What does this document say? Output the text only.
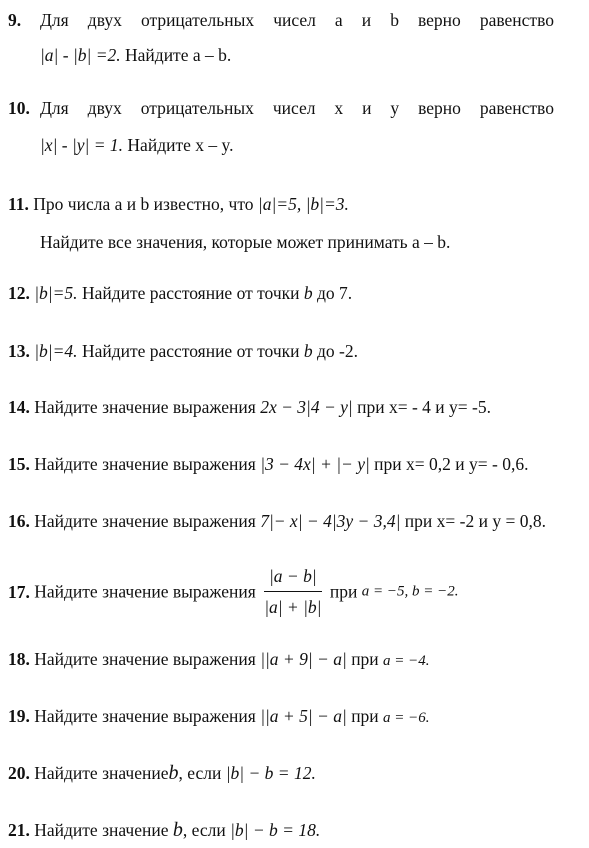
9. Для двух отрицательных чисел a и b верно равенство
|a| - |b| =2. Найдите a – b.
10. Для двух отрицательных чисел x и y верно равенство
|x| - |y| = 1. Найдите x – y.
11. Про числа a и b известно, что |a|=5, |b|=3.
Найдите все значения, которые может принимать a – b.
12. |b|=5. Найдите расстояние от точки b до 7.
13. |b|=4. Найдите расстояние от точки b до -2.
14. Найдите значение выражения 2x − 3|4 − y| при x= - 4 и y= -5.
15. Найдите значение выражения |3 − 4x| + |− y| при x= 0,2 и y= - 0,6.
16. Найдите значение выражения 7|− x| − 4|3y − 3,4| при x= -2 и y = 0,8.
17. Найдите значение выражения $\frac{|a - b|}{|a| + |b|}$ при a = −5, b = −2.
18. Найдите значение выражения ||a + 9| − a| при a = −4.
19. Найдите значение выражения ||a + 5| − a| при a = −6.
20. Найдите значениеb, если |b| − b = 12.
21. Найдите значение b, если |b| − b = 18.
